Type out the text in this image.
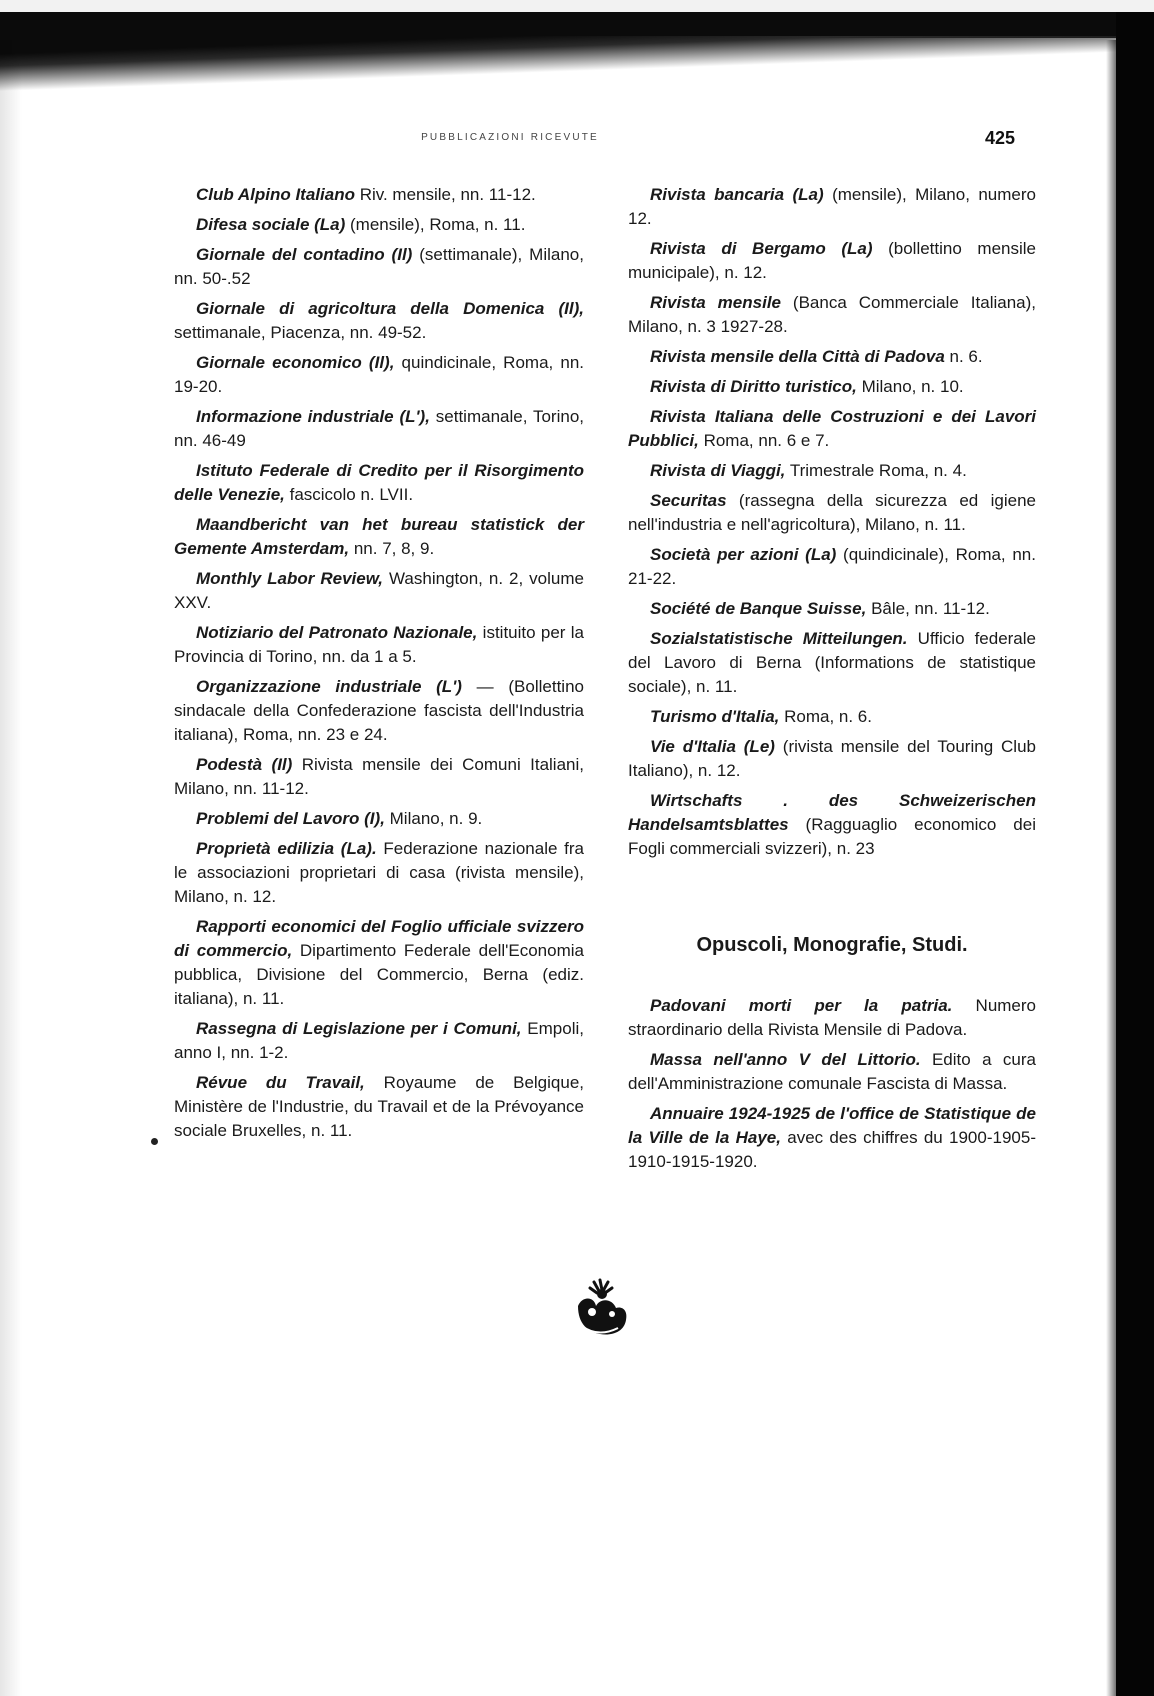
PUBBLICAZIONI RICEVUTE	425

Club Alpino Italiano Riv. mensile, nn. 11-12.

Difesa sociale (La) (mensile), Roma, n. 11.

Giornale del contadino (Il) (settimanale), Milano, nn. 50-.52

Giornale di agricoltura della Domenica (Il), settimanale, Piacenza, nn. 49-52.

Giornale economico (Il), quindicinale, Roma, nn. 19-20.

Informazione industriale (L'), settimanale, Torino, nn. 46-49

Istituto Federale di Credito per il Risorgimento delle Venezie, fascicolo n. LVII.

Maandbericht van het bureau statistick der Gemente Amsterdam, nn. 7, 8, 9.

Monthly Labor Review, Washington, n. 2, volume XXV.

Notiziario del Patronato Nazionale, istituito per la Provincia di Torino, nn. da 1 a 5.

Organizzazione industriale (L') — (Bollettino sindacale della Confederazione fascista dell'Industria italiana), Roma, nn. 23 e 24.

Podestà (Il) Rivista mensile dei Comuni Italiani, Milano, nn. 11-12.

Problemi del Lavoro (I), Milano, n. 9.

Proprietà edilizia (La). Federazione nazionale fra le associazioni proprietari di casa (rivista mensile), Milano, n. 12.

Rapporti economici del Foglio ufficiale svizzero di commercio, Dipartimento Federale dell'Economia pubblica, Divisione del Commercio, Berna (ediz. italiana), n. 11.

Rassegna di Legislazione per i Comuni, Empoli, anno I, nn. 1-2.

Révue du Travail, Royaume de Belgique, Ministère de l'Industrie, du Travail et de la Prévoyance sociale Bruxelles, n. 11.

Rivista bancaria (La) (mensile), Milano, numero 12.

Rivista di Bergamo (La) (bollettino mensile municipale), n. 12.

Rivista mensile (Banca Commerciale Italiana), Milano, n. 3 1927-28.

Rivista mensile della Città di Padova n. 6.

Rivista di Diritto turistico, Milano, n. 10.

Rivista Italiana delle Costruzioni e dei Lavori Pubblici, Roma, nn. 6 e 7.

Rivista di Viaggi, Trimestrale Roma, n. 4.

Securitas (rassegna della sicurezza ed igiene nell'industria e nell'agricoltura), Milano, n. 11.

Società per azioni (La) (quindicinale), Roma, nn. 21-22.

Société de Banque Suisse, Bâle, nn. 11-12.

Sozialstatistische Mitteilungen. Ufficio federale del Lavoro di Berna (Informations de statistique sociale), n. 11.

Turismo d'Italia, Roma, n. 6.

Vie d'Italia (Le) (rivista mensile del Touring Club Italiano), n. 12.

Wirtschafts . des Schweizerischen Handelsamtsblattes (Ragguaglio economico dei Fogli commerciali svizzeri), n. 23

Opuscoli, Monografie, Studi.

Padovani morti per la patria. Numero straordinario della Rivista Mensile di Padova.

Massa nell'anno V del Littorio. Edito a cura dell'Amministrazione comunale Fascista di Massa.

Annuaire 1924-1925 de l'office de Statistique de la Ville de la Haye, avec des chiffres du 1900-1905-1910-1915-1920.
